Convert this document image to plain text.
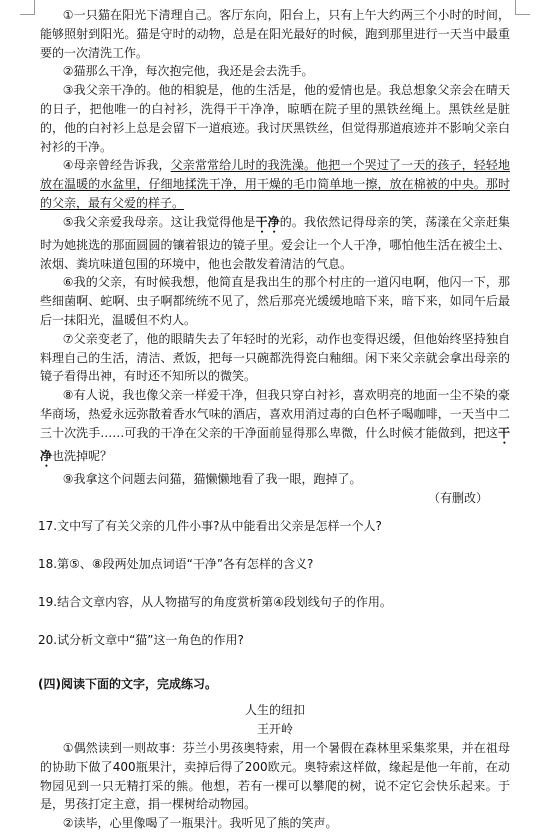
①一只猫在阳光下清理自己。客厅东向，阳台上，只有上午大约两三个小时的时间，能够照射到阳光。猫是守时的动物，总是在阳光最好的时候，跑到那里进行一天当中最重要的一次清洗工作。

②猫那么干净，每次抱完他，我还是会去洗手。

③我父亲干净的。他的相貌是，他的生活是，他的爱情也是。我总想象父亲会在晴天的日子，把他唯一的白衬衫，洗得干干净净，晾晒在院子里的黑铁丝绳上。黑铁丝是脏的，他的白衬衫上总是会留下一道痕迹。我讨厌黑铁丝，但觉得那道痕迹并不影响父亲白衬衫的干净。

④母亲曾经告诉我，父亲常常给儿时的我洗澡。他把一个哭过了一天的孩子，轻轻地放在温暖的水盆里，仔细地揉洗干净，用干燥的毛巾简单地一擦，放在棉被的中央。那时的父亲，最有父爱的样子。

⑤我父亲爱我母亲。这让我觉得他是干净的。我依然记得母亲的笑，荡漾在父亲赶集时为她挑选的那面圆圆的镶着银边的镜子里。爱会让一个人干净，哪怕他生活在被尘土、浓烟、粪坑味道包围的环境中，他也会散发着清洁的气息。

⑥我的父亲，有时候我想，他简直是我出生的那个村庄的一道闪电啊，他闪一下，那些细菌啊、蛇啊、虫子啊都统统不见了，然后那亮光缓缓地暗下来，暗下来，如同午后最后一抹阳光，温暖但不灼人。

⑦父亲变老了，他的眼睛失去了年轻时的光彩，动作也变得迟缓，但他始终坚持独自料理自己的生活，清洁、煮饭，把每一只碗都洗得瓷白釉细。闲下来父亲就会拿出母亲的镜子看得出神，有时还不知所以的微笑。

⑧有人说，我也像父亲一样爱干净，但我只穿白衬衫，喜欢明亮的地面一尘不染的豪华商场，热爱永远弥散着香水气味的酒店，喜欢用消过毒的白色杯子喝咖啡，一天当中二三十次洗手……可我的干净在父亲的干净面前显得那么卑微，什么时候才能做到，把这干净也洗掉呢？

⑨我拿这个问题去问猫，猫懒懒地看了我一眼，跑掉了。

（有删改）

17.文中写了有关父亲的几件小事?从中能看出父亲是怎样一个人?

18.第⑤、⑧段两处加点词语“干净”各有怎样的含义?

19.结合文章内容，从人物描写的角度赏析第④段划线句子的作用。

20.试分析文章中“猫”这一角色的作用?

(四)阅读下面的文字，完成练习。

人生的纽扣

王开岭

①偶然读到一则故事：芬兰小男孩奥特索，用一个暑假在森林里采集浆果，并在祖母的协助下做了400瓶果汁，卖掉后得了200欧元。奥特索这样做，缘起是他一年前，在动物园见到一只无精打采的熊。他想，若有一棵可以攀爬的树，说不定它会快乐起来。于是，男孩打定主意，捐一棵树给动物园。

②读毕，心里像喝了一瓶果汁。我听见了熊的笑声。
